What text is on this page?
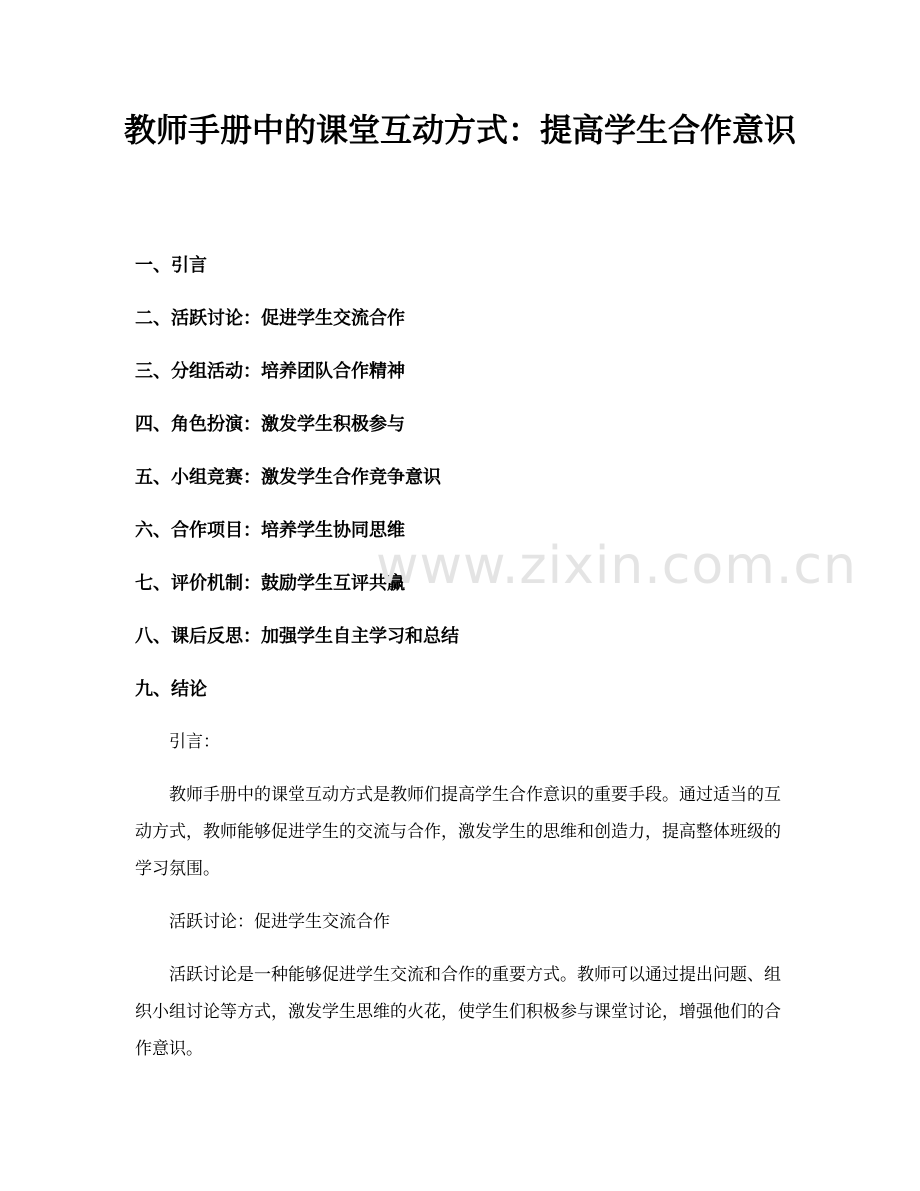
教师手册中的课堂互动方式：提高学生合作意识
一、引言
二、活跃讨论：促进学生交流合作
三、分组活动：培养团队合作精神
四、角色扮演：激发学生积极参与
五、小组竞赛：激发学生合作竞争意识
六、合作项目：培养学生协同思维
七、评价机制：鼓励学生互评共赢
八、课后反思：加强学生自主学习和总结
九、结论

引言：

教师手册中的课堂互动方式是教师们提高学生合作意识的重要手段。通过适当的互动方式，教师能够促进学生的交流与合作，激发学生的思维和创造力，提高整体班级的学习氛围。

活跃讨论：促进学生交流合作

活跃讨论是一种能够促进学生交流和合作的重要方式。教师可以通过提出问题、组织小组讨论等方式，激发学生思维的火花，使学生们积极参与课堂讨论，增强他们的合作意识。

www.zixin.com.cn
